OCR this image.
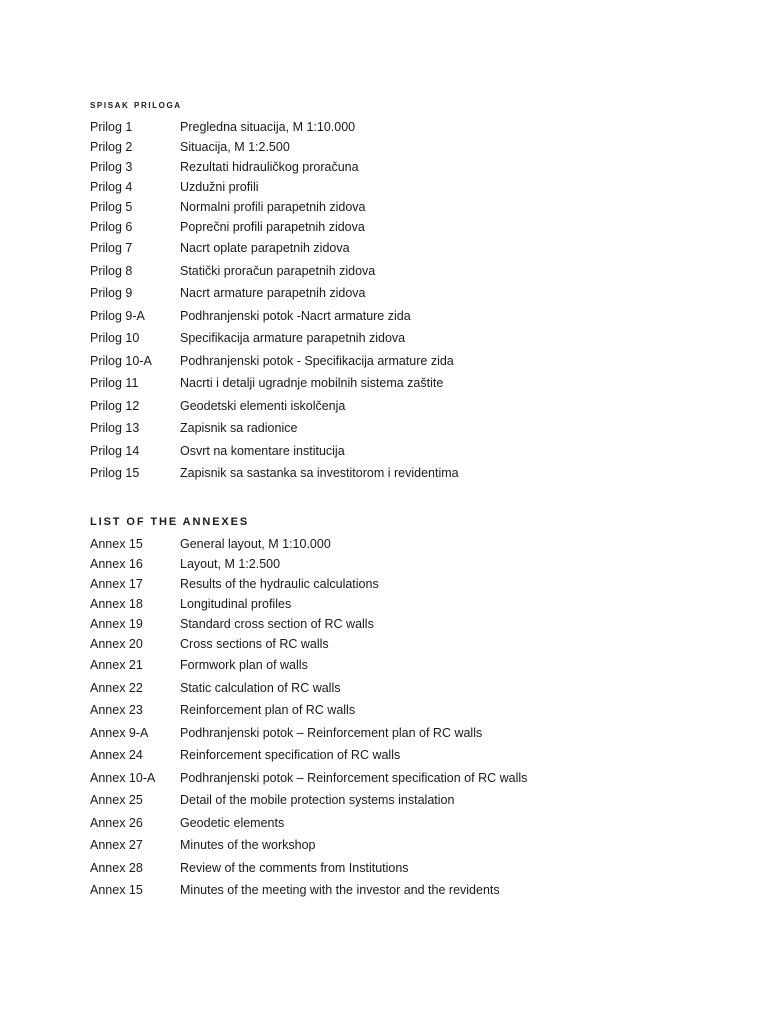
spisak priloga
Prilog 1	Pregledna situacija, M 1:10.000
Prilog 2	Situacija, M 1:2.500
Prilog 3	Rezultati hidrauličkog proračuna
Prilog 4	Uzdužni profili
Prilog 5	Normalni profili parapetnih zidova
Prilog 6	Poprečni profili parapetnih zidova
Prilog 7	Nacrt oplate parapetnih zidova
Prilog 8	Statički proračun parapetnih zidova
Prilog 9	Nacrt armature parapetnih zidova
Prilog 9-A	Podhranjenski potok -Nacrt armature zida
Prilog 10	Specifikacija armature parapetnih zidova
Prilog 10-A	Podhranjenski potok - Specifikacija armature zida
Prilog 11	Nacrti i detalji ugradnje mobilnih sistema zaštite
Prilog 12	Geodetski elementi iskolčenja
Prilog 13	Zapisnik sa radionice
Prilog 14	Osvrt na komentare institucija
Prilog 15	Zapisnik sa sastanka sa investitorom i revidentima
LIST OF THE ANNEXES
Annex 15	General layout, M 1:10.000
Annex 16	Layout, M 1:2.500
Annex 17	Results of the hydraulic calculations
Annex 18	Longitudinal profiles
Annex 19	Standard cross section of RC walls
Annex 20	Cross sections of RC walls
Annex 21	Formwork plan of walls
Annex 22	Static calculation of RC walls
Annex 23	Reinforcement plan of RC walls
Annex 9-A	Podhranjenski potok – Reinforcement plan of RC walls
Annex 24	Reinforcement specification of RC walls
Annex 10-A	Podhranjenski potok – Reinforcement specification of RC walls
Annex 25	Detail of the mobile protection systems instalation
Annex 26	Geodetic elements
Annex 27	Minutes of the workshop
Annex 28	Review of the comments from Institutions
Annex 15	Minutes of the meeting with the investor and the revidents
